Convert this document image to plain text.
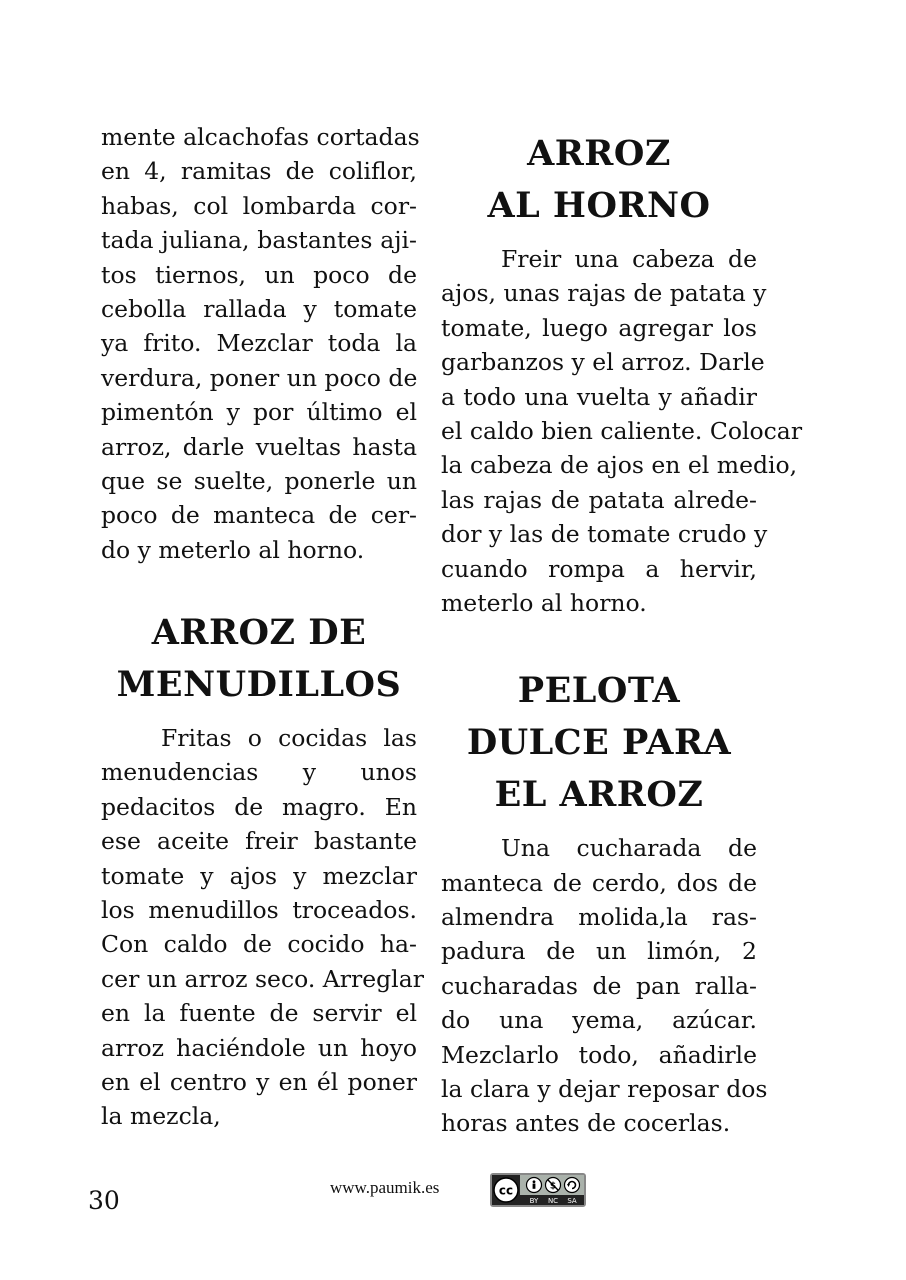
mente alcachofas cortadas
en 4, ramitas de coliflor,
habas, col lombarda cor-
tada juliana, bastantes aji-
tos tiernos, un poco de
cebolla rallada y tomate
ya frito. Mezclar toda la
verdura, poner un poco de
pimentón y por último el
arroz, darle vueltas hasta
que se suelte, ponerle un
poco de manteca de cer-
do y meterlo al horno.
ARROZ DE
MENUDILLOS
Fritas o cocidas las
menudencias y unos
pedacitos de magro. En
ese aceite freir bastante
tomate y ajos y mezclar
los menudillos troceados.
Con caldo de cocido ha-
cer un arroz seco. Arreglar
en la fuente de servir el
arroz haciéndole un hoyo
en el centro y en él poner
la mezcla,
ARROZ
AL HORNO
Freir una cabeza de
ajos, unas rajas de patata y
tomate, luego agregar los
garbanzos y el arroz. Darle
a todo una vuelta y añadir
el caldo bien caliente. Colocar
la cabeza de ajos en el medio,
las rajas de patata alrede-
dor y las de tomate crudo y
cuando rompa a hervir,
meterlo al horno.
PELOTA
DULCE PARA
EL ARROZ
Una cucharada de
manteca de cerdo, dos de
almendra molida,la ras-
padura de un limón, 2
cucharadas de pan ralla-
do una yema, azúcar.
Mezclarlo todo, añadirle
la clara y dejar reposar dos
horas antes de cocerlas.
30	www.paumik.es	cc	$
BY NC SA
